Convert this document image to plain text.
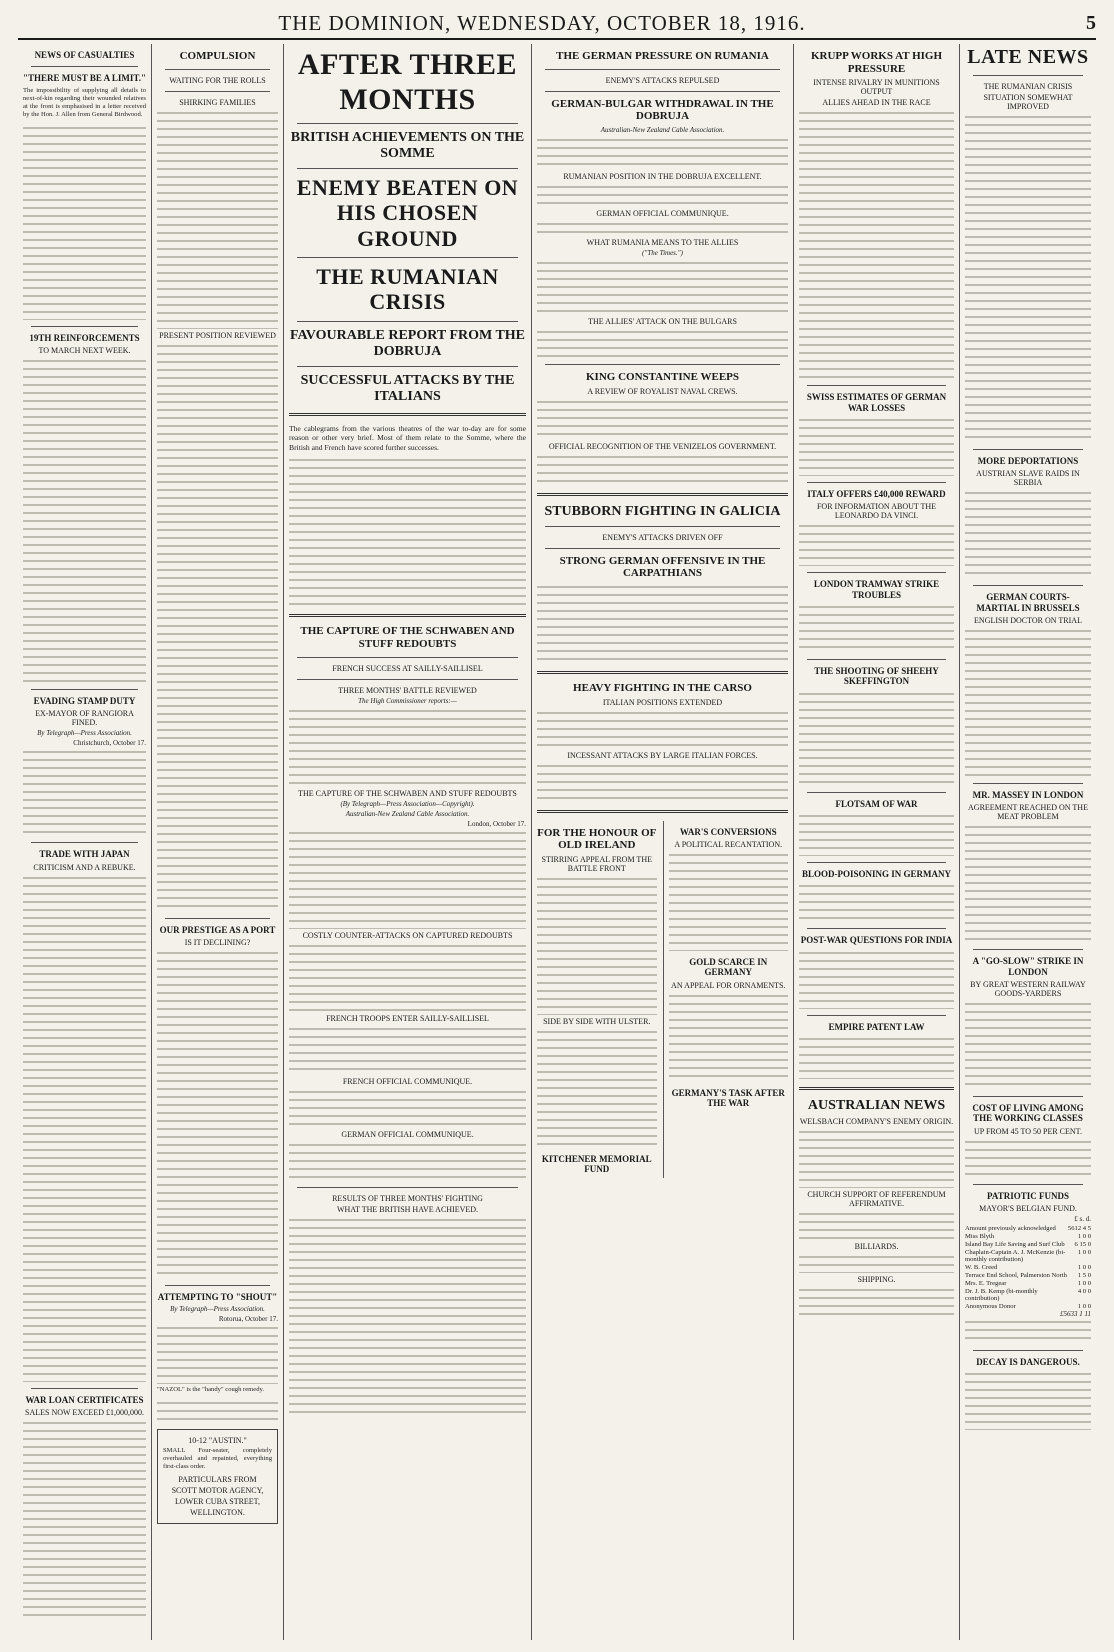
THE DOMINION, WEDNESDAY, OCTOBER 18, 1916.	5
NEWS OF CASUALTIES
"THERE MUST BE A LIMIT."
The impossibility of supplying all details to next-of-kin regarding their wounded relatives at the front is emphasised in a letter received by the Hon. J. Allen from General Birdwood.
19TH REINFORCEMENTS
TO MARCH NEXT WEEK.
EVADING STAMP DUTY
EX-MAYOR OF RANGIORA FINED.
By Telegraph—Press Association.
Christchurch, October 17.
TRADE WITH JAPAN
CRITICISM AND A REBUKE.
WAR LOAN CERTIFICATES
SALES NOW EXCEED £1,000,000.
COMPULSION
WAITING FOR THE ROLLS
SHIRKING FAMILIES
PRESENT POSITION REVIEWED
OUR PRESTIGE AS A PORT
IS IT DECLINING?
ATTEMPTING TO "SHOUT"
By Telegraph—Press Association.
Rotorua, October 17.
"NAZOL" is the "handy" cough remedy.
10-12 "AUSTIN."
SMALL Four-seater, completely overhauled and repainted, everything first-class order.
PARTICULARS FROM
SCOTT MOTOR AGENCY,
LOWER CUBA STREET,
WELLINGTON.
AFTER THREE MONTHS
BRITISH ACHIEVEMENTS ON THE SOMME
ENEMY BEATEN ON HIS CHOSEN GROUND
THE RUMANIAN CRISIS
FAVOURABLE REPORT FROM THE DOBRUJA
SUCCESSFUL ATTACKS BY THE ITALIANS
The cablegrams from the various theatres of the war to-day are for some reason or other very brief. Most of them relate to the Somme, where the British and French have scored further successes.
THE CAPTURE OF THE SCHWABEN AND STUFF REDOUBTS
FRENCH SUCCESS AT SAILLY-SAILLISEL
THREE MONTHS' BATTLE REVIEWED
The High Commissioner reports:—
THE CAPTURE OF THE SCHWABEN AND STUFF REDOUBTS
(By Telegraph—Press Association—Copyright).
Australian-New Zealand Cable Association.
London, October 17.
COSTLY COUNTER-ATTACKS ON CAPTURED REDOUBTS
FRENCH TROOPS ENTER SAILLY-SAILLISEL
FRENCH OFFICIAL COMMUNIQUE.
GERMAN OFFICIAL COMMUNIQUE.
RESULTS OF THREE MONTHS' FIGHTING
WHAT THE BRITISH HAVE ACHIEVED.
THE GERMAN PRESSURE ON RUMANIA
ENEMY'S ATTACKS REPULSED
GERMAN-BULGAR WITHDRAWAL IN THE DOBRUJA
Australian-New Zealand Cable Association.
RUMANIAN POSITION IN THE DOBRUJA EXCELLENT.
GERMAN OFFICIAL COMMUNIQUE.
WHAT RUMANIA MEANS TO THE ALLIES
("The Times.")
THE ALLIES' ATTACK ON THE BULGARS
KING CONSTANTINE WEEPS
A REVIEW OF ROYALIST NAVAL CREWS.
OFFICIAL RECOGNITION OF THE VENIZELOS GOVERNMENT.
STUBBORN FIGHTING IN GALICIA
ENEMY'S ATTACKS DRIVEN OFF
STRONG GERMAN OFFENSIVE IN THE CARPATHIANS
HEAVY FIGHTING IN THE CARSO
ITALIAN POSITIONS EXTENDED
INCESSANT ATTACKS BY LARGE ITALIAN FORCES.
FOR THE HONOUR OF OLD IRELAND
STIRRING APPEAL FROM THE BATTLE FRONT
SIDE BY SIDE WITH ULSTER.
KITCHENER MEMORIAL FUND
WAR'S CONVERSIONS
A POLITICAL RECANTATION.
GOLD SCARCE IN GERMANY
AN APPEAL FOR ORNAMENTS.
GERMANY'S TASK AFTER THE WAR
KRUPP WORKS AT HIGH PRESSURE
INTENSE RIVALRY IN MUNITIONS OUTPUT
ALLIES AHEAD IN THE RACE
SWISS ESTIMATES OF GERMAN WAR LOSSES
ITALY OFFERS £40,000 REWARD
FOR INFORMATION ABOUT THE LEONARDO DA VINCI.
LONDON TRAMWAY STRIKE TROUBLES
THE SHOOTING OF SHEEHY SKEFFINGTON
FLOTSAM OF WAR
BLOOD-POISONING IN GERMANY
POST-WAR QUESTIONS FOR INDIA
EMPIRE PATENT LAW
AUSTRALIAN NEWS
WELSBACH COMPANY'S ENEMY ORIGIN.
CHURCH SUPPORT OF REFERENDUM AFFIRMATIVE.
BILLIARDS.
SHIPPING.
LATE NEWS
THE RUMANIAN CRISIS
SITUATION SOMEWHAT IMPROVED
MORE DEPORTATIONS
AUSTRIAN SLAVE RAIDS IN SERBIA
GERMAN COURTS-MARTIAL IN BRUSSELS
ENGLISH DOCTOR ON TRIAL
MR. MASSEY IN LONDON
AGREEMENT REACHED ON THE MEAT PROBLEM
A "GO-SLOW" STRIKE IN LONDON
BY GREAT WESTERN RAILWAY GOODS-YARDERS
COST OF LIVING AMONG THE WORKING CLASSES
UP FROM 45 TO 50 PER CENT.
PATRIOTIC FUNDS
MAYOR'S BELGIAN FUND.
£ s. d.
Amount previously acknowledged	5612 4 5
Miss Blyth	1 0 0
Island Bay Life Saving and Surf Club	6 15 0
Chaplain-Captain A. J. McKenzie (bi-monthly contribution)	1 0 0
W. B. Creed	1 0 0
Terrace End School, Palmerston North	1 5 0
Mrs. E. Tregear	1 0 0
Dr. J. B. Kemp (bi-monthly contribution)	4 0 0
Anonymous Donor	1 0 0
£5633 1 11
DECAY IS DANGEROUS.
